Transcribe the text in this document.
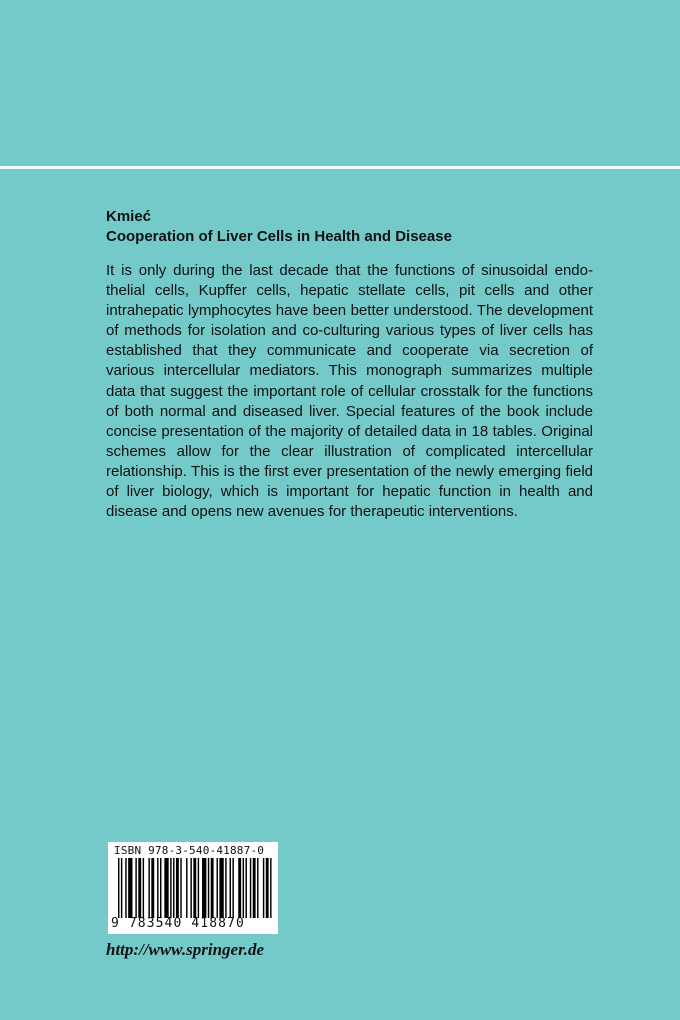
Kmieć
Cooperation of Liver Cells in Health and Disease

It is only during the last decade that the functions of sinusoidal endothelial cells, Kupffer cells, hepatic stellate cells, pit cells and other intrahepatic lymphocytes have been better understood. The development of methods for isolation and co-culturing various types of liver cells has established that they communicate and cooperate via secretion of various intercellular mediators. This monograph summarizes multiple data that suggest the important role of cellular crosstalk for the functions of both normal and diseased liver. Special features of the book include concise presentation of the majority of detailed data in 18 tables. Original schemes allow for the clear illustration of complicated intercellular relationship. This is the first ever presentation of the newly emerging field of liver biology, which is important for hepatic function in health and disease and opens new avenues for therapeutic interventions.

ISBN 978-3-540-41887-0
9 783540 418870
http://www.springer.de
